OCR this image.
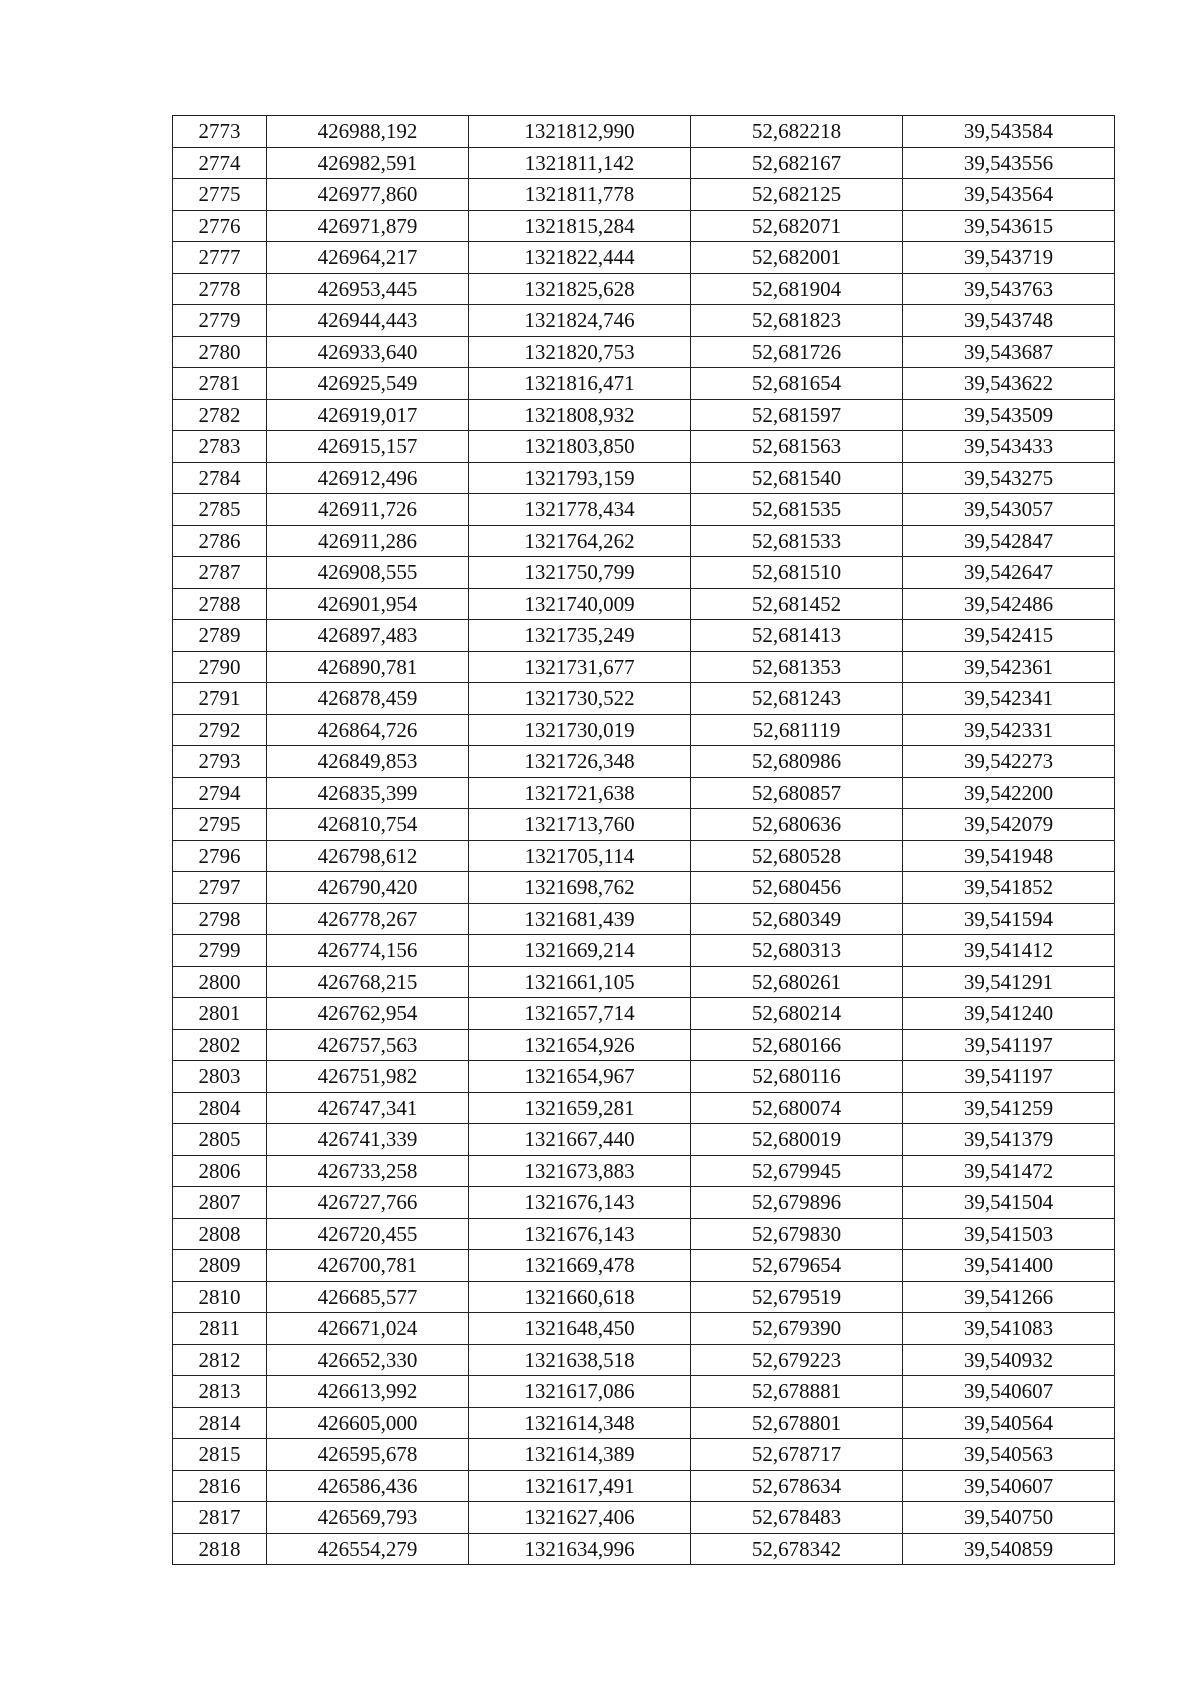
2773	426988,192	1321812,990	52,682218	39,543584
2774	426982,591	1321811,142	52,682167	39,543556
2775	426977,860	1321811,778	52,682125	39,543564
2776	426971,879	1321815,284	52,682071	39,543615
2777	426964,217	1321822,444	52,682001	39,543719
2778	426953,445	1321825,628	52,681904	39,543763
2779	426944,443	1321824,746	52,681823	39,543748
2780	426933,640	1321820,753	52,681726	39,543687
2781	426925,549	1321816,471	52,681654	39,543622
2782	426919,017	1321808,932	52,681597	39,543509
2783	426915,157	1321803,850	52,681563	39,543433
2784	426912,496	1321793,159	52,681540	39,543275
2785	426911,726	1321778,434	52,681535	39,543057
2786	426911,286	1321764,262	52,681533	39,542847
2787	426908,555	1321750,799	52,681510	39,542647
2788	426901,954	1321740,009	52,681452	39,542486
2789	426897,483	1321735,249	52,681413	39,542415
2790	426890,781	1321731,677	52,681353	39,542361
2791	426878,459	1321730,522	52,681243	39,542341
2792	426864,726	1321730,019	52,681119	39,542331
2793	426849,853	1321726,348	52,680986	39,542273
2794	426835,399	1321721,638	52,680857	39,542200
2795	426810,754	1321713,760	52,680636	39,542079
2796	426798,612	1321705,114	52,680528	39,541948
2797	426790,420	1321698,762	52,680456	39,541852
2798	426778,267	1321681,439	52,680349	39,541594
2799	426774,156	1321669,214	52,680313	39,541412
2800	426768,215	1321661,105	52,680261	39,541291
2801	426762,954	1321657,714	52,680214	39,541240
2802	426757,563	1321654,926	52,680166	39,541197
2803	426751,982	1321654,967	52,680116	39,541197
2804	426747,341	1321659,281	52,680074	39,541259
2805	426741,339	1321667,440	52,680019	39,541379
2806	426733,258	1321673,883	52,679945	39,541472
2807	426727,766	1321676,143	52,679896	39,541504
2808	426720,455	1321676,143	52,679830	39,541503
2809	426700,781	1321669,478	52,679654	39,541400
2810	426685,577	1321660,618	52,679519	39,541266
2811	426671,024	1321648,450	52,679390	39,541083
2812	426652,330	1321638,518	52,679223	39,540932
2813	426613,992	1321617,086	52,678881	39,540607
2814	426605,000	1321614,348	52,678801	39,540564
2815	426595,678	1321614,389	52,678717	39,540563
2816	426586,436	1321617,491	52,678634	39,540607
2817	426569,793	1321627,406	52,678483	39,540750
2818	426554,279	1321634,996	52,678342	39,540859
